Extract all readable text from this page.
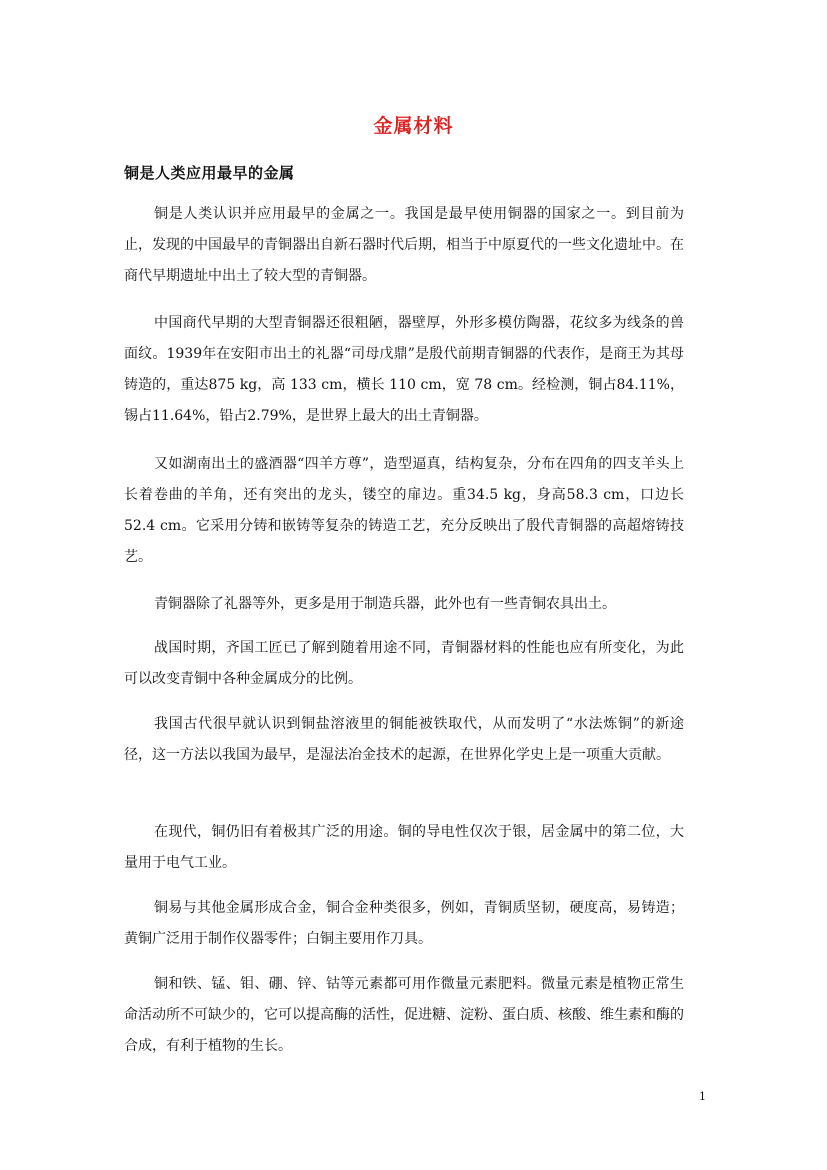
金属材料
铜是人类应用最早的金属

铜是人类认识并应用最早的金属之一。我国是最早使用铜器的国家之一。到目前为止，发现的中国最早的青铜器出自新石器时代后期，相当于中原夏代的一些文化遗址中。在商代早期遗址中出土了较大型的青铜器。

中国商代早期的大型青铜器还很粗陋，器壁厚，外形多模仿陶器，花纹多为线条的兽面纹。1939年在安阳市出土的礼器“司母戊鼎”是殷代前期青铜器的代表作，是商王为其母铸造的，重达875 kg，高 133 cm，横长 110 cm，宽 78 cm。经检测，铜占84.11%，锡占11.64%，铅占2.79%，是世界上最大的出土青铜器。

又如湖南出土的盛酒器“四羊方尊”，造型逼真，结构复杂，分布在四角的四支羊头上长着卷曲的羊角，还有突出的龙头，镂空的扉边。重34.5 kg，身高58.3 cm，口边长52.4 cm。它采用分铸和嵌铸等复杂的铸造工艺，充分反映出了殷代青铜器的高超熔铸技艺。

青铜器除了礼器等外，更多是用于制造兵器，此外也有一些青铜农具出土。

战国时期，齐国工匠已了解到随着用途不同，青铜器材料的性能也应有所变化，为此可以改变青铜中各种金属成分的比例。

我国古代很早就认识到铜盐溶液里的铜能被铁取代，从而发明了“水法炼铜”的新途径，这一方法以我国为最早，是湿法冶金技术的起源，在世界化学史上是一项重大贡献。

在现代，铜仍旧有着极其广泛的用途。铜的导电性仅次于银，居金属中的第二位，大量用于电气工业。

铜易与其他金属形成合金，铜合金种类很多，例如，青铜质坚韧，硬度高，易铸造；黄铜广泛用于制作仪器零件；白铜主要用作刀具。

铜和铁、锰、钼、硼、锌、钴等元素都可用作微量元素肥料。微量元素是植物正常生命活动所不可缺少的，它可以提高酶的活性，促进糖、淀粉、蛋白质、核酸、维生素和酶的合成，有利于植物的生长。

1
